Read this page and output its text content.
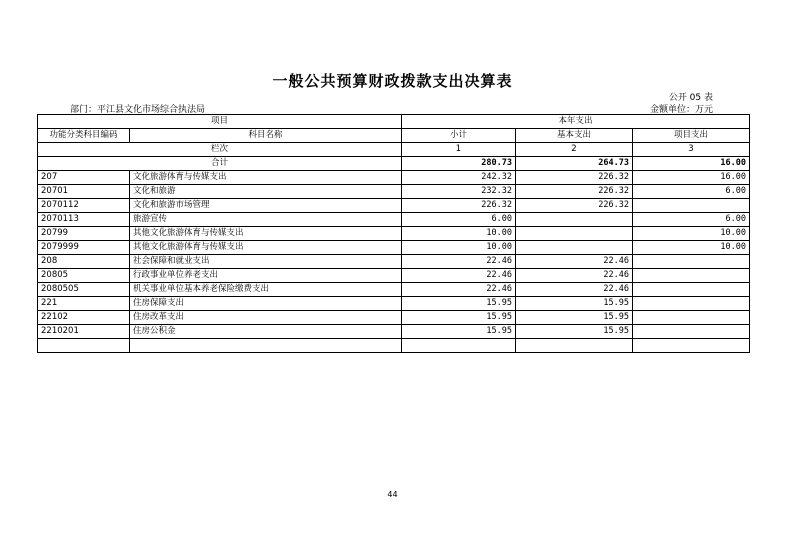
一般公共预算财政拨款支出决算表
公开 05 表
部门：平江县文化市场综合执法局	金额单位：万元
项目		本年支出		
功能分类科目编码	科目名称	小计	基本支出	项目支出
栏次		1	2	3
合计		280.73	264.73	16.00
207	文化旅游体育与传媒支出	242.32	226.32	16.00
20701	文化和旅游	232.32	226.32	6.00
2070112	文化和旅游市场管理	226.32	226.32	
2070113	旅游宣传	6.00		6.00
20799	其他文化旅游体育与传媒支出	10.00		10.00
2079999	其他文化旅游体育与传媒支出	10.00		10.00
208	社会保障和就业支出	22.46	22.46	
20805	行政事业单位养老支出	22.46	22.46	
2080505	机关事业单位基本养老保险缴费支出	22.46	22.46	
221	住房保障支出	15.95	15.95	
22102	住房改革支出	15.95	15.95	
2210201	住房公积金	15.95	15.95	

44
